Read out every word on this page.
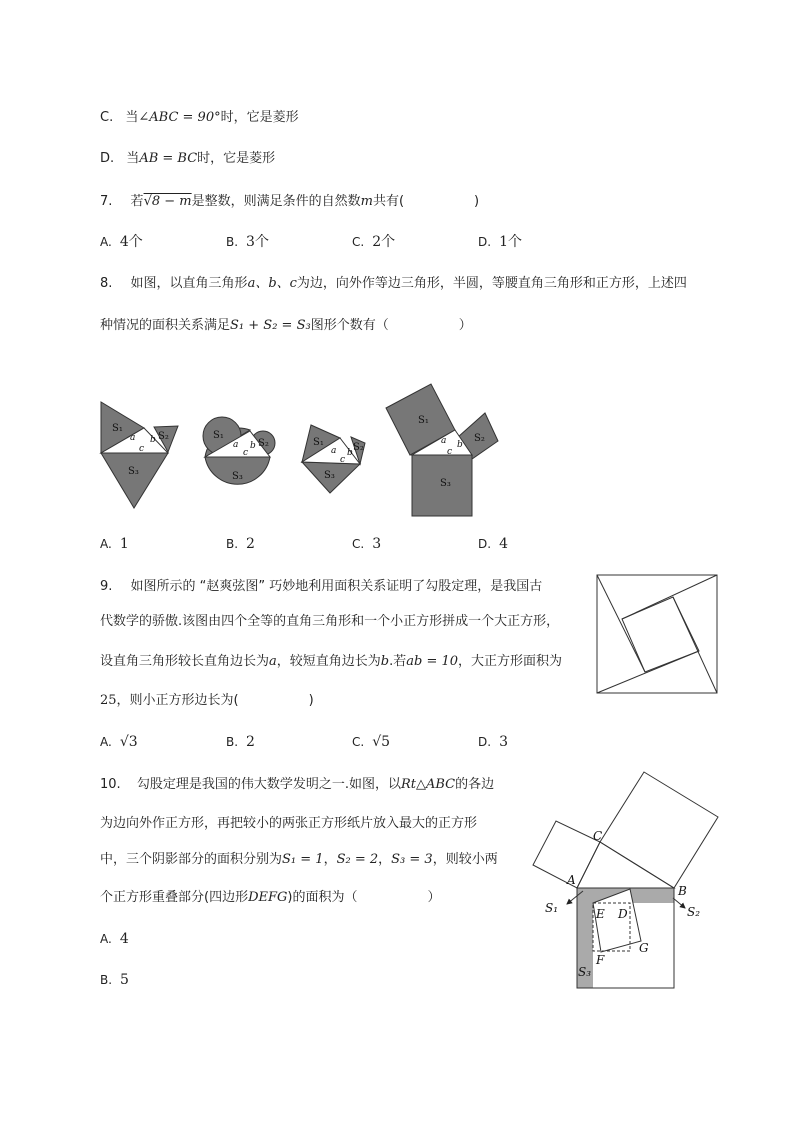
C. 当∠ABC = 90°时，它是菱形
D. 当AB = BC时，它是菱形
7. 若√8 − m是整数，则满足条件的自然数m共有(	)
A. 4个	B. 3个	C. 2个	D. 1个
8. 如图，以直角三角形a、b、c为边，向外作等边三角形，半圆，等腰直角三角形和正方形，上述四
种情况的面积关系满足S₁ + S₂ = S₃图形个数有（	）
S₁
S₂
S₃
a b
c
S₁
S₂
S₃
a b
c
S₁	S₂
S₃
a b
c
S₁
S₂
S₃
a b
c
A. 1	B. 2	C. 3	D. 4
9. 如图所示的 “赵爽弦图” 巧妙地利用面积关系证明了勾股定理，是我国古
代数学的骄傲.该图由四个全等的直角三角形和一个小正方形拼成一个大正方形，
设直角三角形较长直角边长为a，较短直角边长为b.若ab = 10，大正方形面积为
25，则小正方形边长为(	)
A. √3	B. 2	C. √5	D. 3
10. 勾股定理是我国的伟大数学发明之一.如图，以Rt△ABC的各边
为边向外作正方形，再把较小的两张正方形纸片放入最大的正方形
中，三个阴影部分的面积分别为S₁ = 1，S₂ = 2，S₃ = 3，则较小两
个正方形重叠部分(四边形DEFG)的面积为（	）
C
A
B
E D
F
G
S₁	S₂
S₃
A. 4
B. 5
